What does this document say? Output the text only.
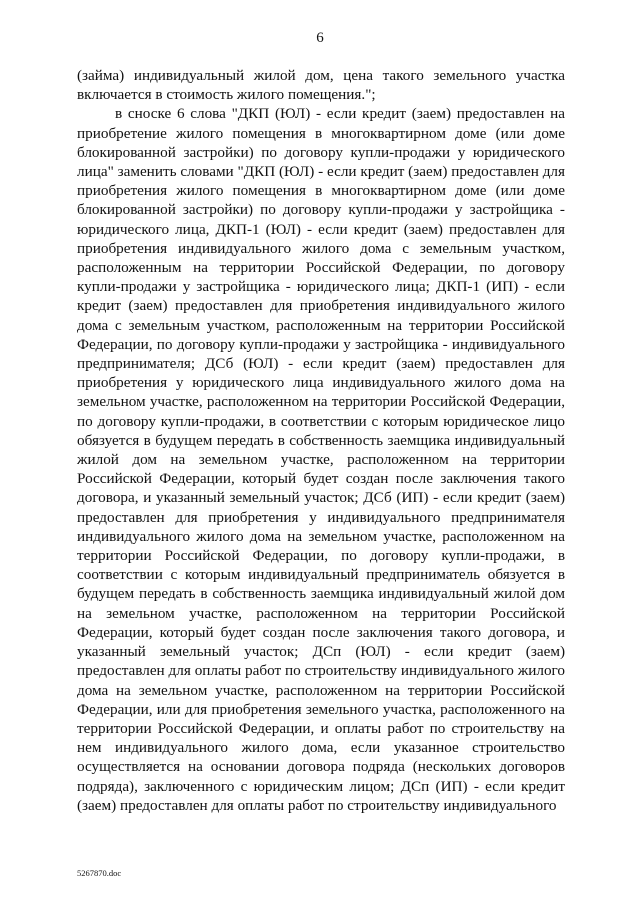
6

(займа) индивидуальный жилой дом, цена такого земельного участка включается в стоимость жилого помещения.";

в сноске 6 слова "ДКП (ЮЛ) - если кредит (заем) предоставлен на приобретение жилого помещения в многоквартирном доме (или доме блокированной застройки) по договору купли-продажи у юридического лица" заменить словами "ДКП (ЮЛ) - если кредит (заем) предоставлен для приобретения жилого помещения в многоквартирном доме (или доме блокированной застройки) по договору купли-продажи у застройщика - юридического лица, ДКП-1 (ЮЛ) - если кредит (заем) предоставлен для приобретения индивидуального жилого дома с земельным участком, расположенным на территории Российской Федерации, по договору купли-продажи у застройщика - юридического лица; ДКП-1 (ИП) - если кредит (заем) предоставлен для приобретения индивидуального жилого дома с земельным участком, расположенным на территории Российской Федерации, по договору купли-продажи у застройщика - индивидуального предпринимателя; ДСб (ЮЛ) - если кредит (заем) предоставлен для приобретения у юридического лица индивидуального жилого дома на земельном участке, расположенном на территории Российской Федерации, по договору купли-продажи, в соответствии с которым юридическое лицо обязуется в будущем передать в собственность заемщика индивидуальный жилой дом на земельном участке, расположенном на территории Российской Федерации, который будет создан после заключения такого договора, и указанный земельный участок; ДСб (ИП) - если кредит (заем) предоставлен для приобретения у индивидуального предпринимателя индивидуального жилого дома на земельном участке, расположенном на территории Российской Федерации, по договору купли-продажи, в соответствии с которым индивидуальный предприниматель обязуется в будущем передать в собственность заемщика индивидуальный жилой дом на земельном участке, расположенном на территории Российской Федерации, который будет создан после заключения такого договора, и указанный земельный участок; ДСп (ЮЛ) - если кредит (заем) предоставлен для оплаты работ по строительству индивидуального жилого дома на земельном участке, расположенном на территории Российской Федерации, или для приобретения земельного участка, расположенного на территории Российской Федерации, и оплаты работ по строительству на нем индивидуального жилого дома, если указанное строительство осуществляется на основании договора подряда (нескольких договоров подряда), заключенного с юридическим лицом; ДСп (ИП) - если кредит (заем) предоставлен для оплаты работ по строительству индивидуального

5267870.doc
